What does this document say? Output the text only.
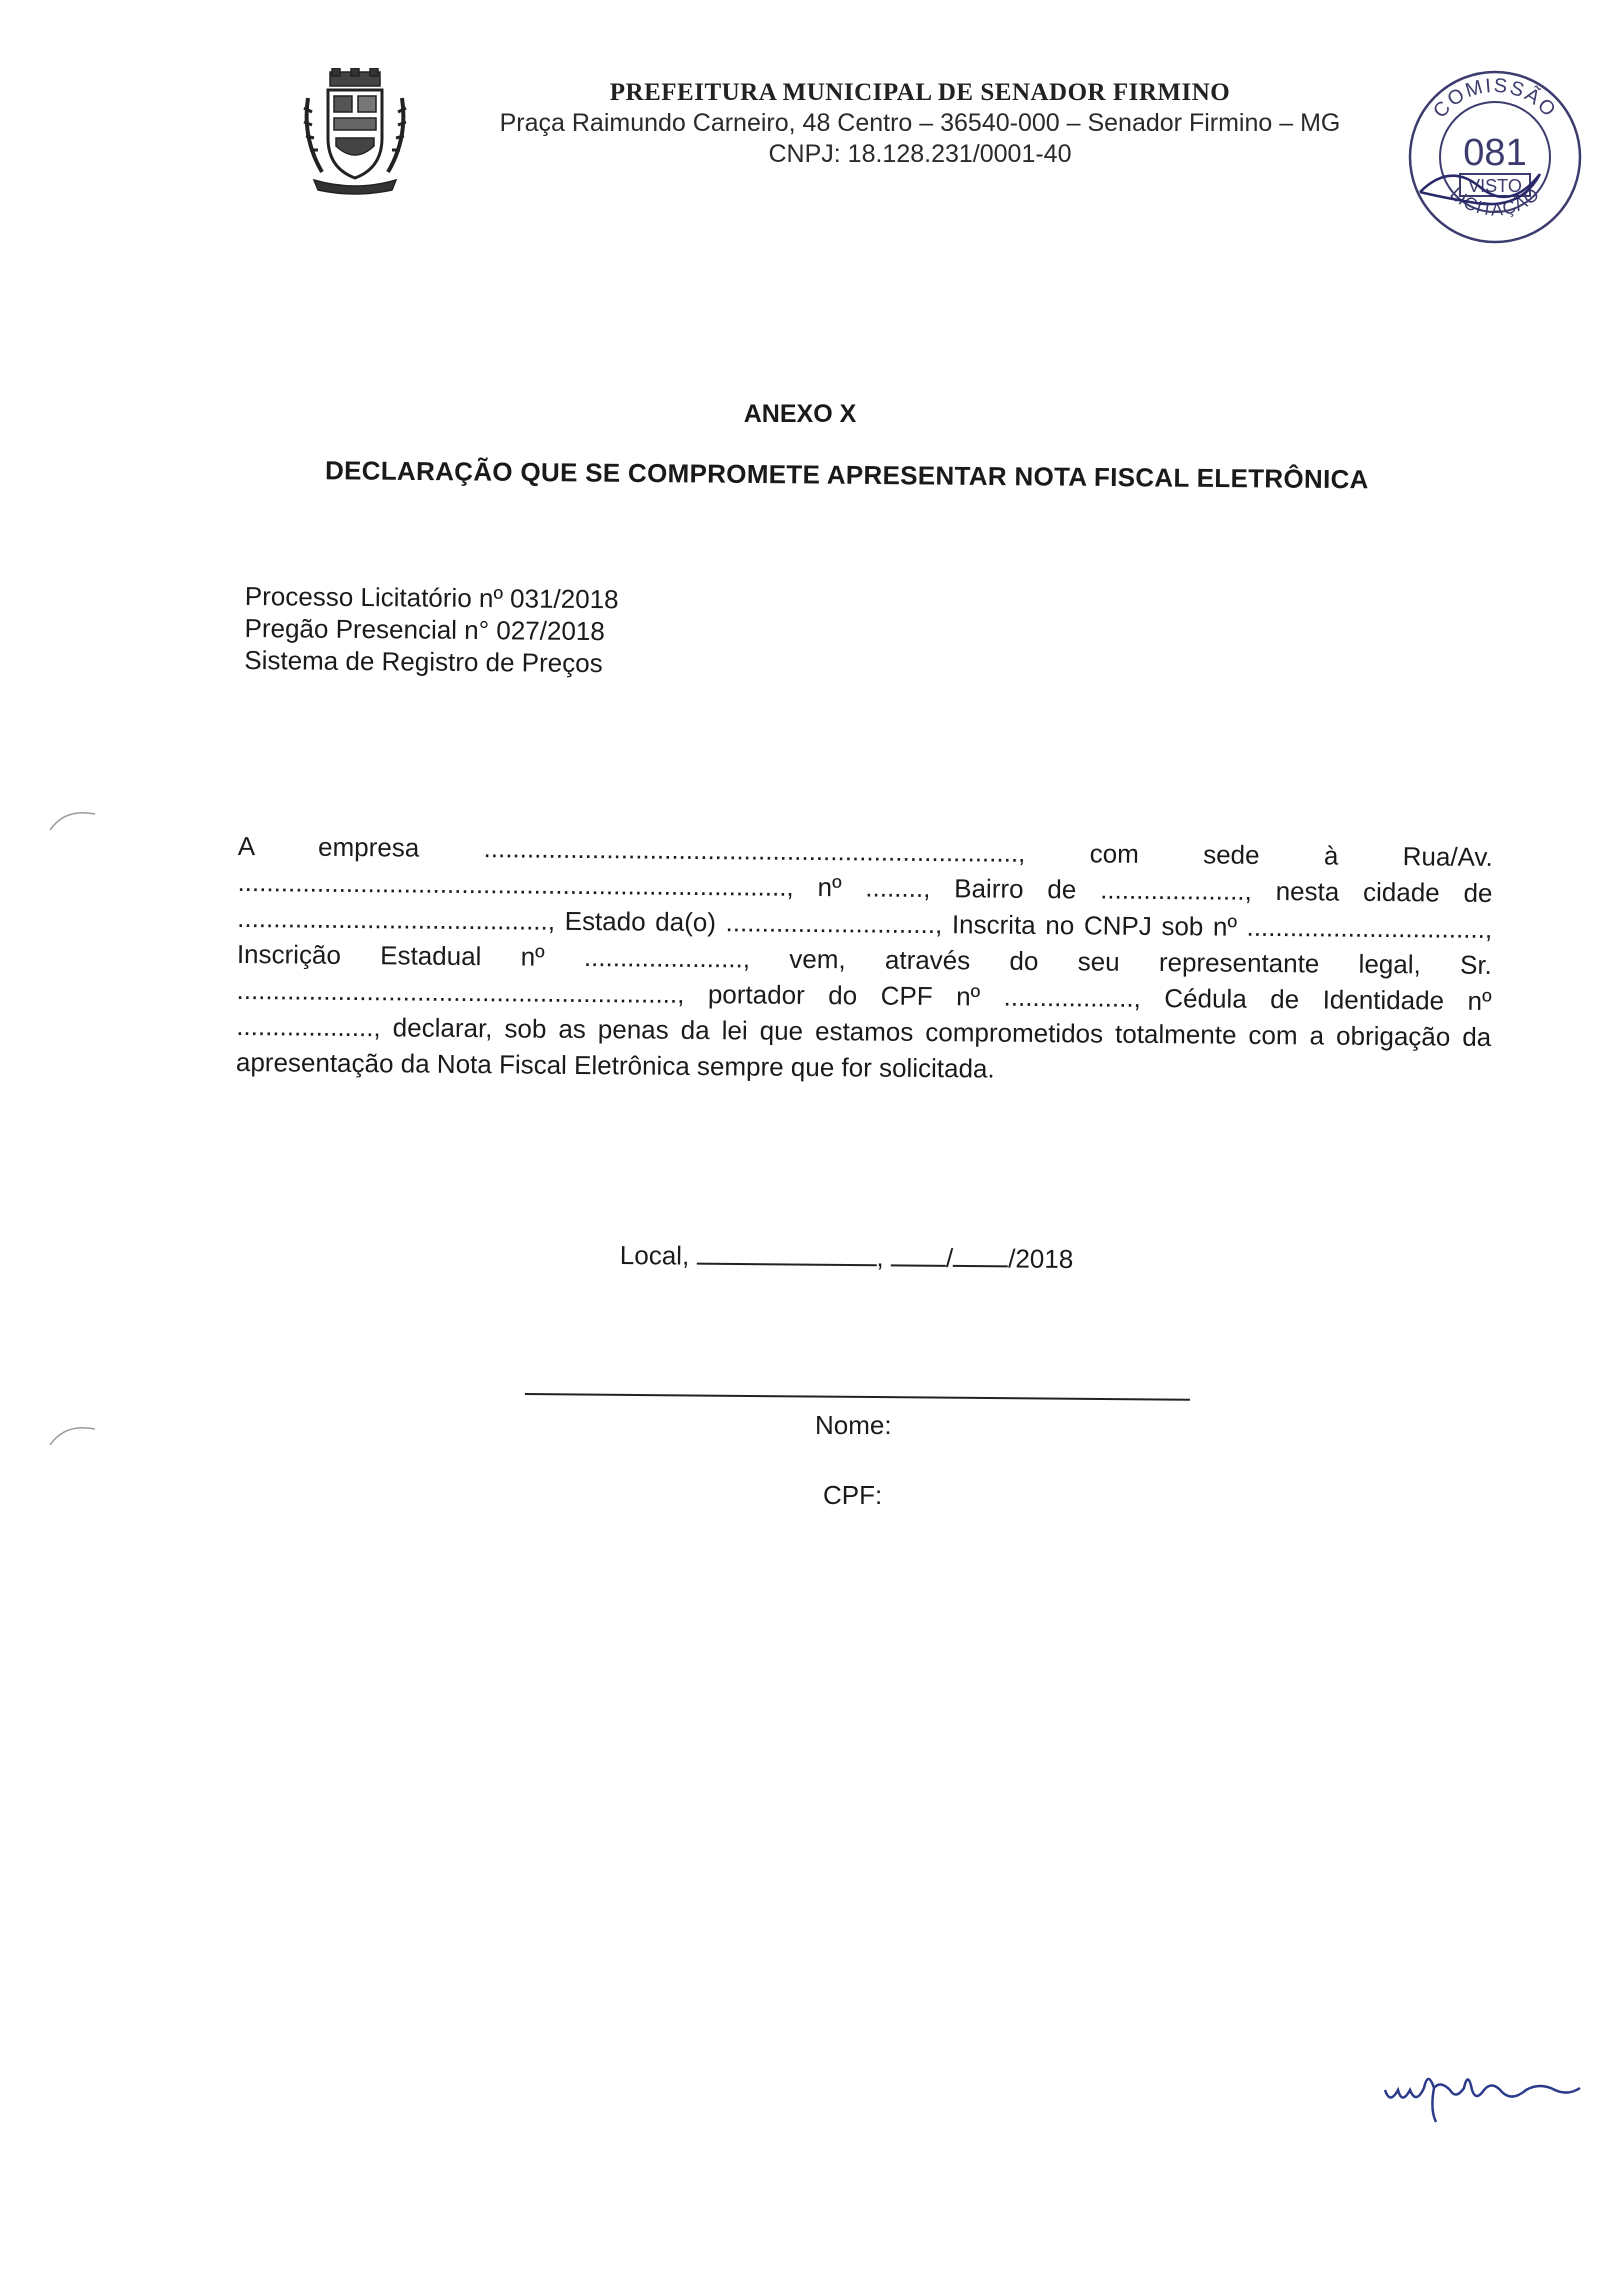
PREFEITURA MUNICIPAL DE SENADOR FIRMINO
Praça Raimundo Carneiro, 48 Centro – 36540-000 – Senador Firmino – MG
CNPJ: 18.128.231/0001-40
COMISSÃO
081
VISTO
LICITAÇÃO
ANEXO X
DECLARAÇÃO QUE SE COMPROMETE APRESENTAR NOTA FISCAL ELETRÔNICA
Processo Licitatório nº 031/2018
Pregão Presencial n° 027/2018
Sistema de Registro de Preços
A empresa .........................................................................., com sede à Rua/Av. ............................................................................, nº ........, Bairro de ...................., nesta cidade de ..........................................., Estado da(o) ............................., Inscrita no CNPJ sob nº ................................., Inscrição Estadual nº ......................, vem, através do seu representante legal, Sr. ............................................................., portador do CPF nº .................., Cédula de Identidade nº ..................., declarar, sob as penas da lei que estamos comprometidos totalmente com a obrigação da apresentação da Nota Fiscal Eletrônica sempre que for solicitada.
Local,	, / /2018
Nome:
CPF:
